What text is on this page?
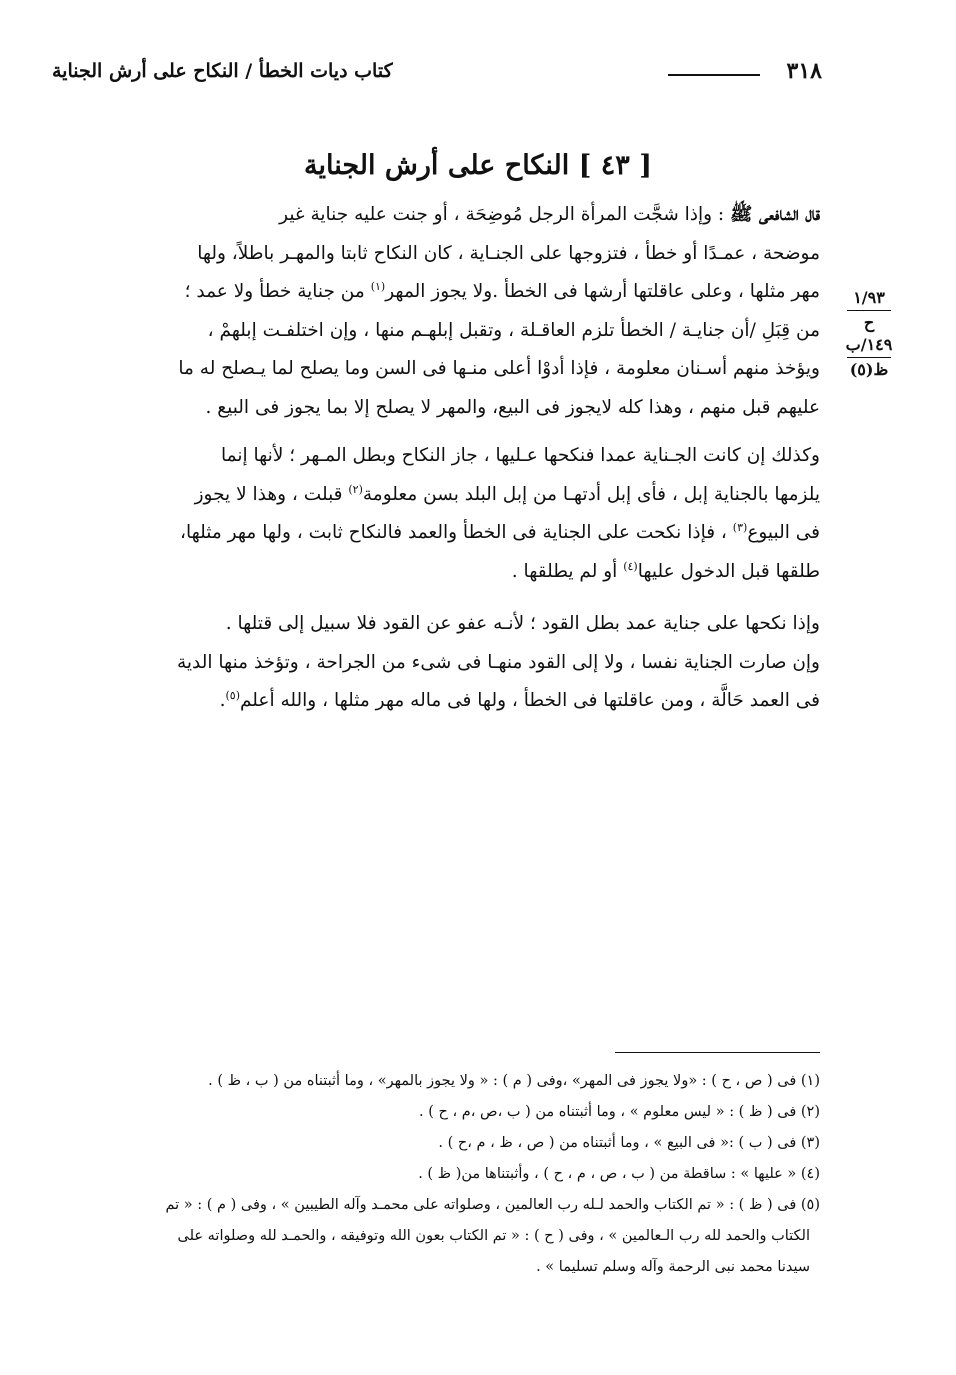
٣١٨
كتاب ديات الخطأ / النكاح على أرش الجناية
[ ٤٣ ] النكاح على أرش الجناية
١/٩٣
ح
١٤٩/ب
ظ(٥)

قال الشافعى ﷺ : وإذا شجَّت المرأة الرجل مُوضِحَة ، أو جنت عليه جناية غير

موضحة ، عمـدًا أو خطأ ، فتزوجها على الجنـاية ، كان النكاح ثابتا والمهـر باطلاً، ولها

مهر مثلها ، وعلى عاقلتها أرشها فى الخطأ .ولا يجوز المهر$^{(١)}$ من جناية خطأ ولا عمد ؛

من قِبَلِ /أن جنايـة / الخطأ تلزم العاقـلة ، وتقبل إبلهـم منها ، وإن اختلفـت إبلهمْ ،

ويؤخذ منهم أسـنان معلومة ، فإذا أدوْا أعلى منـها فى السن وما يصلح لما يـصلح له ما

عليهم قبل منهم ، وهذا كله لايجوز فى البيع، والمهر لا يصلح إلا بما يجوز فى البيع .

وكذلك إن كانت الجـناية عمدا فنكحها عـليها ، جاز النكاح وبطل المـهر ؛ لأنها إنما

يلزمها بالجناية إبل ، فأى إبل أدتهـا من إبل البلد بسن معلومة$^{(٢)}$ قبلت ، وهذا لا يجوز

فى البيوع$^{(٣)}$ ، فإذا نكحت على الجناية فى الخطأ والعمد فالنكاح ثابت ، ولها مهر مثلها،

طلقها قبل الدخول عليها$^{(٤)}$ أو لم يطلقها .

وإذا نكحها على جناية عمد بطل القود ؛ لأنـه عفو عن القود فلا سبيل إلى قتلها .

وإن صارت الجناية نفسا ، ولا إلى القود منهـا فى شىء من الجراحة ، وتؤخذ منها الدية

فى العمد حَالَّة ، ومن عاقلتها فى الخطأ ، ولها فى ماله مهر مثلها ، والله أعلم$^{(٥)}$.

(١) فى ( ص ، ح ) : «ولا يجوز فى المهر» ،وفى ( م ) : « ولا يجوز بالمهر» ، وما أثبتناه من ( ب ، ظ ) .

(٢) فى ( ظ ) : « ليس معلوم » ، وما أثبتناه من ( ب ،ص ،م ، ح ) .

(٣) فى ( ب ) :« فى البيع » ، وما أثبتناه من ( ص ، ظ ، م ،ح ) .

(٤) « عليها » : ساقطة من ( ب ، ص ، م ، ح ) ، وأثبتناها من( ظ ) .

(٥) فى ( ظ ) : « تم الكتاب والحمد لـله رب العالمين ، وصلواته على محمـد وآله الطيبين » ، وفى ( م ) : « تم

الكتاب والحمد لله رب الـعالمين » ، وفى ( ح ) : « تم الكتاب بعون الله وتوفيقه ، والحمـد لله وصلواته على

سيدنا محمد نبى الرحمة وآله وسلم تسليما » .
